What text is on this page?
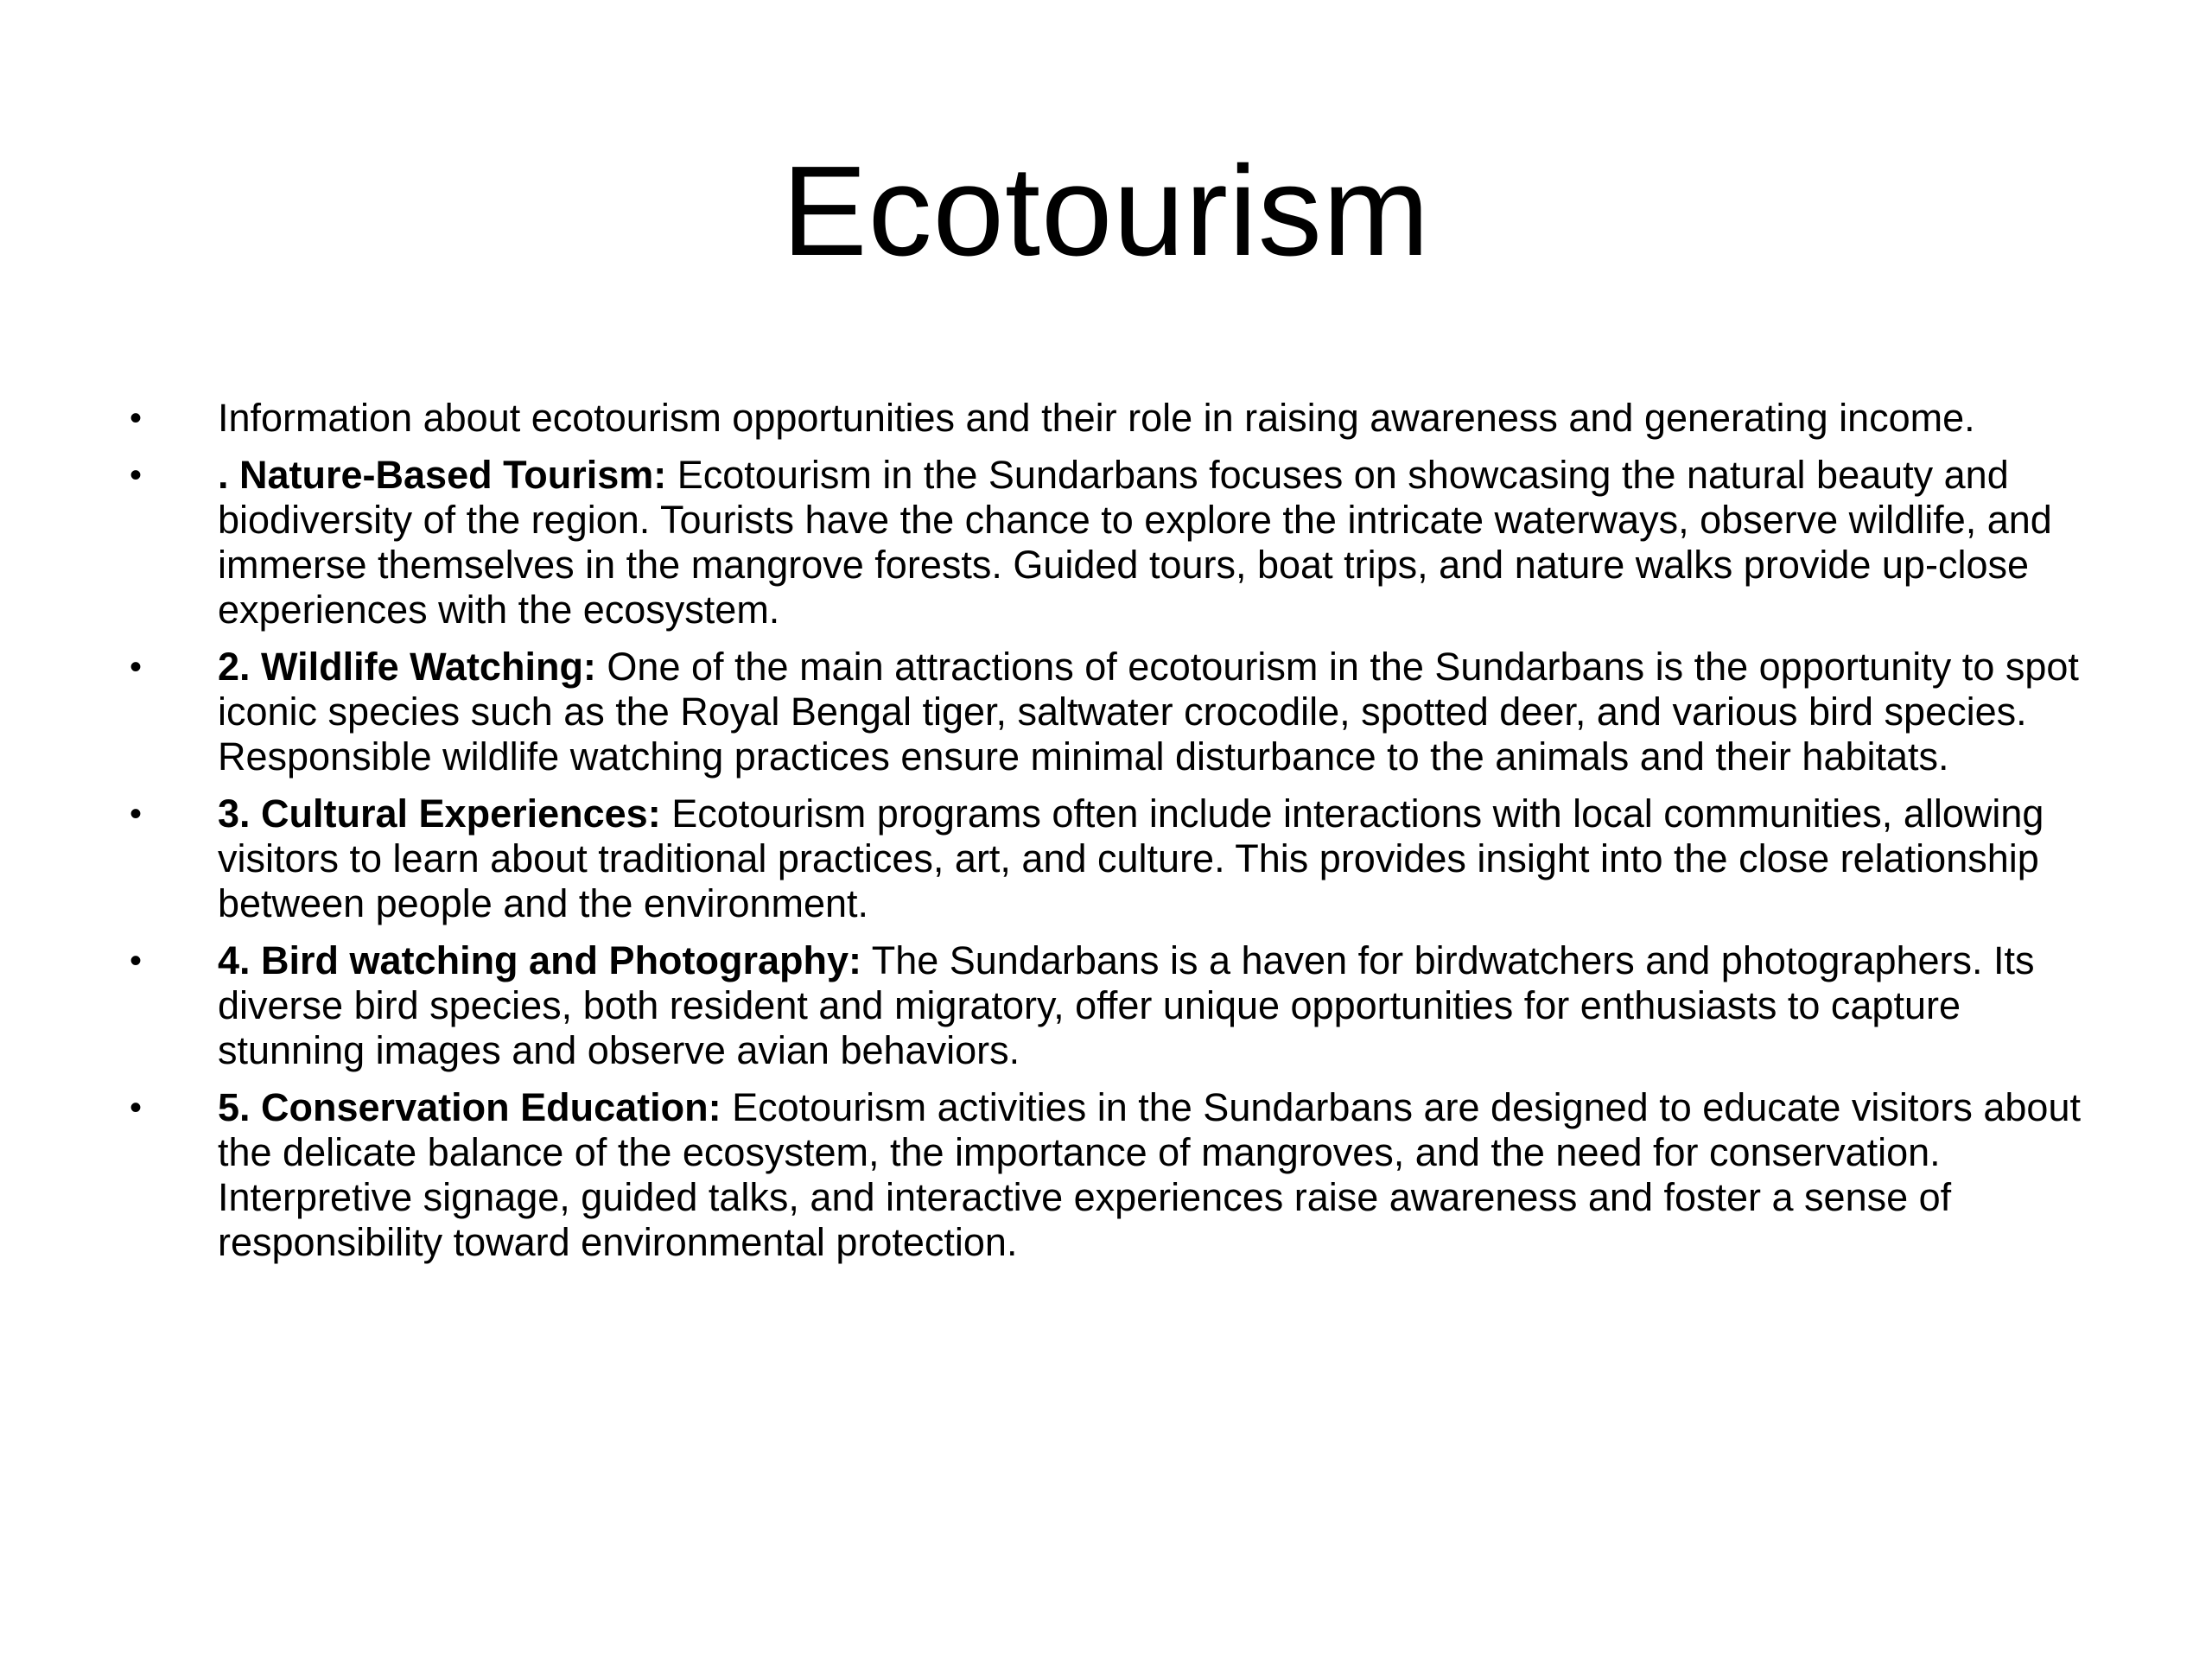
Ecotourism
•	Information about ecotourism opportunities and their role in raising awareness and generating income.
•	. Nature-Based Tourism: Ecotourism in the Sundarbans focuses on showcasing the natural beauty and biodiversity of the region. Tourists have the chance to explore the intricate waterways, observe wildlife, and immerse themselves in the mangrove forests. Guided tours, boat trips, and nature walks provide up-close experiences with the ecosystem.
•	2. Wildlife Watching: One of the main attractions of ecotourism in the Sundarbans is the opportunity to spot iconic species such as the Royal Bengal tiger, saltwater crocodile, spotted deer, and various bird species. Responsible wildlife watching practices ensure minimal disturbance to the animals and their habitats.
•	3. Cultural Experiences: Ecotourism programs often include interactions with local communities, allowing visitors to learn about traditional practices, art, and culture. This provides insight into the close relationship between people and the environment.
•	4. Bird watching and Photography: The Sundarbans is a haven for birdwatchers and photographers. Its diverse bird species, both resident and migratory, offer unique opportunities for enthusiasts to capture stunning images and observe avian behaviors.
•	5. Conservation Education: Ecotourism activities in the Sundarbans are designed to educate visitors about the delicate balance of the ecosystem, the importance of mangroves, and the need for conservation. Interpretive signage, guided talks, and interactive experiences raise awareness and foster a sense of responsibility toward environmental protection.
